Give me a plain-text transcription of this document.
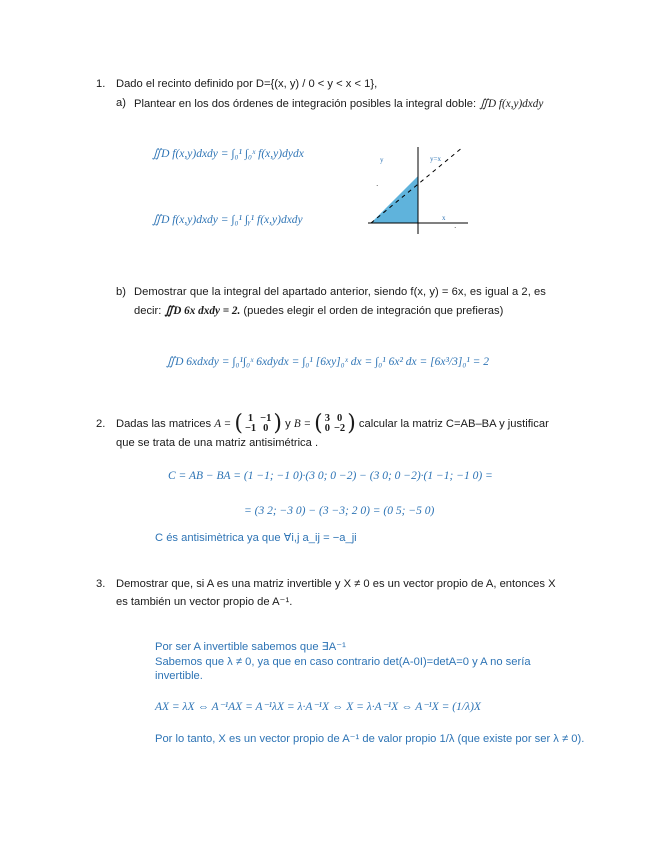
1. Dado el recinto definido por D={(x, y) / 0 < y < x < 1},
a) Plantear en los dos órdenes de integración posibles la integral doble: ∬D f(x,y)dxdy
∬D f(x,y)dxdy = ∫₀¹ ∫₀ˣ f(x,y)dydx
∬D f(x,y)dxdy = ∫₀¹ ∫ᵧ¹ f(x,y)dxdy
y	y=x
x
·
·
b) Demostrar que la integral del apartado anterior, siendo f(x, y) = 6x, es igual a 2, es
decir: ∬D 6x dxdy = 2. (puedes elegir el orden de integración que prefieras)
∬D 6xdxdy = ∫₀¹∫₀ˣ 6xdydx = ∫₀¹ [6xy]₀ˣ dx = ∫₀¹ 6x² dx = [6x³/3]₀¹ = 2
2. Dadas las matrices A = ( 1	−1
−1	0 ) y B = ( 3	0
0	−2 ) calcular la matriz C=AB–BA y justificar
que se trata de una matriz antisimétrica .
C = AB − BA = (1 −1; −1 0)·(3 0; 0 −2) − (3 0; 0 −2)·(1 −1; −1 0) =
= (3 2; −3 0) − (3 −3; 2 0) = (0 5; −5 0)
C és antisimètrica ya que ∀i,j a_ij = −a_ji
3. Demostrar que, si A es una matriz invertible y X ≠ 0 es un vector propio de A, entonces X
es también un vector propio de A⁻¹.
Por ser A invertible sabemos que ∃A⁻¹
Sabemos que λ ≠ 0, ya que en caso contrario det(A-0I)=detA=0 y A no sería
invertible.
AX = λX ⇔ A⁻¹AX = A⁻¹λX = λ·A⁻¹X ⇔ X = λ·A⁻¹X ⇔ A⁻¹X = (1/λ)X
Por lo tanto, X es un vector propio de A⁻¹ de valor propio 1/λ (que existe por ser λ ≠ 0).
